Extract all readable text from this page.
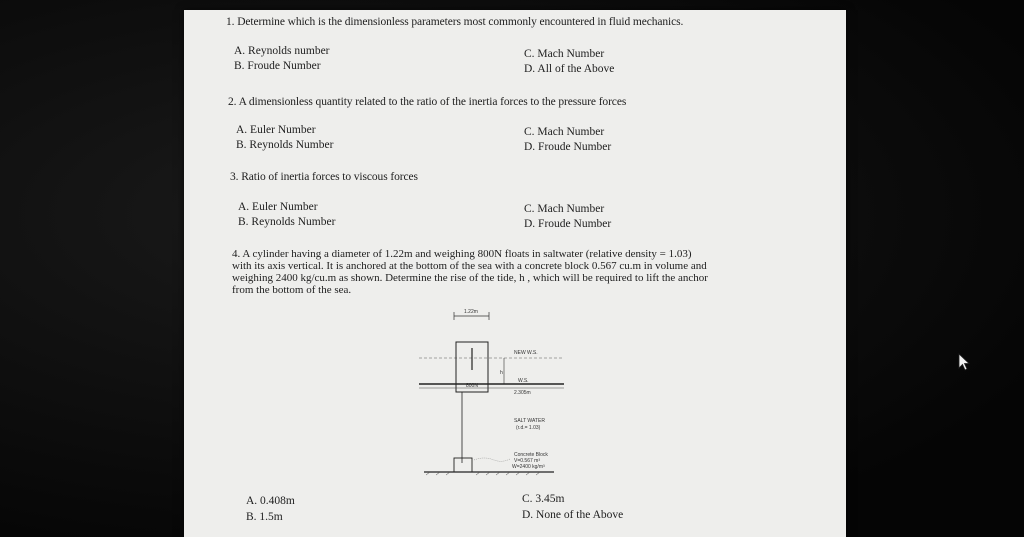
1. Determine which is the dimensionless parameters most commonly encountered in fluid mechanics.
A. Reynolds number
B. Froude Number
C. Mach Number
D. All of the Above
2. A dimensionless quantity related to the ratio of the inertia forces to the pressure forces
A. Euler Number
B. Reynolds Number
C. Mach Number
D. Froude Number
3. Ratio of inertia forces to viscous forces
A. Euler Number
B. Reynolds Number
C. Mach Number
D. Froude Number
4. A cylinder having a diameter of 1.22m and weighing 800N floats in saltwater (relative density = 1.03)
with its axis vertical. It is anchored at the bottom of the sea with a concrete block 0.567 cu.m in volume and
weighing 2400 kg/cu.m as shown. Determine the rise of the tide, h , which will be required to lift the anchor
from the bottom of the sea.
1.22m
NEW W.S.
800N
h
W.S.
2.305m
SALT WATER
(r.d.= 1.03)
Concrete Block
V=0.567 m³
W=2400 kg/m³
A. 0.408m
B. 1.5m
C. 3.45m
D. None of the Above
